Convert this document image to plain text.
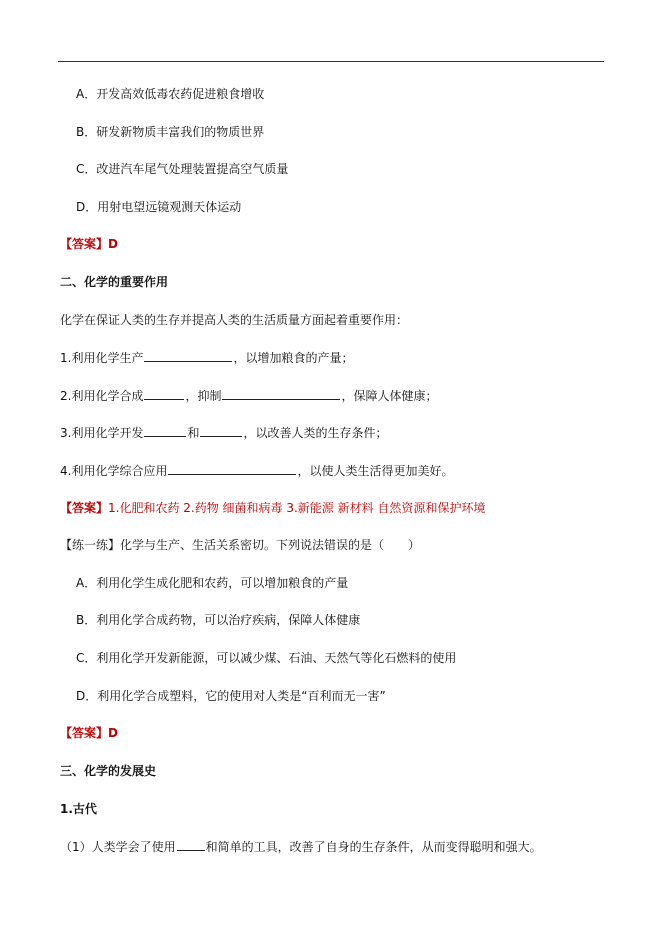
A．开发高效低毒农药促进粮食增收
B．研发新物质丰富我们的物质世界
C．改进汽车尾气处理装置提高空气质量
D．用射电望远镜观测天体运动
【答案】D
二、化学的重要作用
化学在保证人类的生存并提高人类的生活质量方面起着重要作用：
1.利用化学生产	，以增加粮食的产量；
2.利用化学合成	，抑制	，保障人体健康；
3.利用化学开发	和	，以改善人类的生存条件；
4.利用化学综合应用	，以使人类生活得更加美好。
【答案】1.化肥和农药 2.药物 细菌和病毒 3.新能源 新材料 自然资源和保护环境
【练一练】化学与生产、生活关系密切。下列说法错误的是（　　）
A．利用化学生成化肥和农药，可以增加粮食的产量
B．利用化学合成药物，可以治疗疾病，保障人体健康
C．利用化学开发新能源，可以减少煤、石油、天然气等化石燃料的使用
D．利用化学合成塑料，它的使用对人类是“百利而无一害”
【答案】D
三、化学的发展史
1.古代
（1）人类学会了使用	和简单的工具，改善了自身的生存条件，从而变得聪明和强大。
